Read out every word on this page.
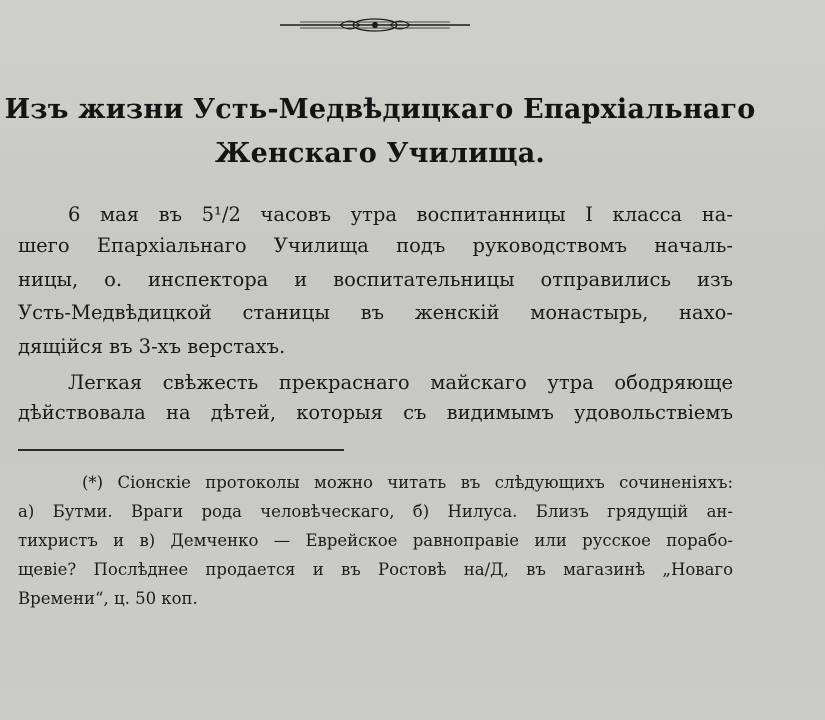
Изъ жизни Усть-Медвѣдицкаго Епархіальнаго
Женскаго Училища.
6 мая въ 5¹/2 часовъ утра воспитанницы I класса на-
шего Епархіальнаго Училища подъ руководствомъ началь-
ницы, о. инспектора и воспитательницы отправились изъ
Усть-Медвѣдицкой станицы въ женскій монастырь, нахо-
дящійся въ 3-хъ верстахъ.
Легкая свѣжесть прекраснаго майскаго утра ободряюще
дѣйствовала на дѣтей, которыя съ видимымъ удовольствіемъ
(*) Сіонскіе протоколы можно читать въ слѣдующихъ сочиненіяхъ:
а) Бутми. Враги рода человѣческаго, б) Нилуса. Близъ грядущій ан-
тихристъ и в) Демченко — Еврейское равноправіе или русское порабо-
щевіе? Послѣднее продается и въ Ростовѣ на/Д, въ магазинѣ „Новаго
Времени“, ц. 50 коп.
